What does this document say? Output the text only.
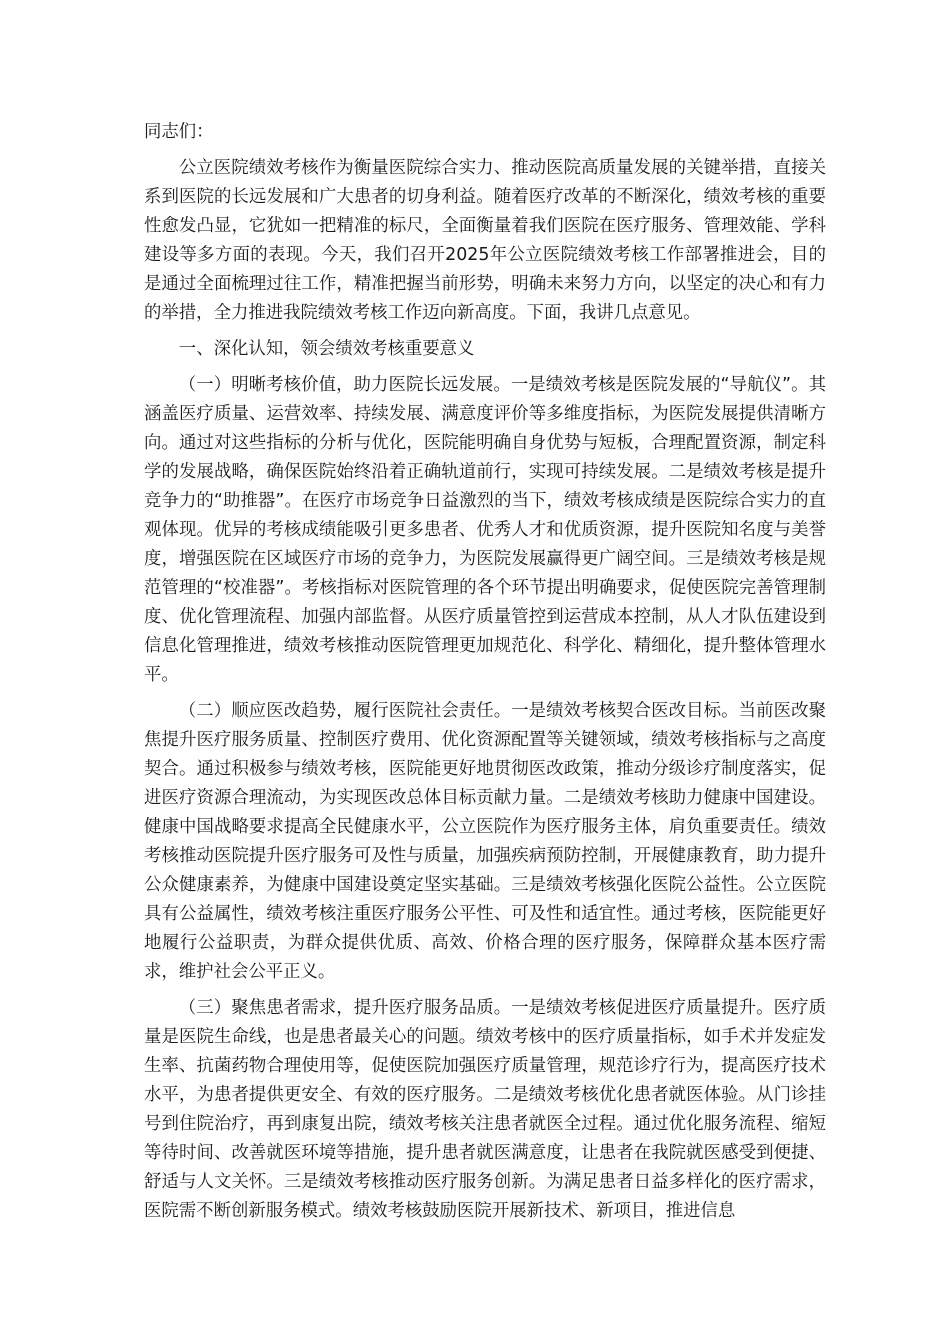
同志们：

公立医院绩效考核作为衡量医院综合实力、推动医院高质量发展的关键举措，直接关系到医院的长远发展和广大患者的切身利益。随着医疗改革的不断深化，绩效考核的重要性愈发凸显，它犹如一把精准的标尺，全面衡量着我们医院在医疗服务、管理效能、学科建设等多方面的表现。今天，我们召开2025年公立医院绩效考核工作部署推进会，目的是通过全面梳理过往工作，精准把握当前形势，明确未来努力方向，以坚定的决心和有力的举措，全力推进我院绩效考核工作迈向新高度。下面，我讲几点意见。

一、深化认知，领会绩效考核重要意义

（一）明晰考核价值，助力医院长远发展。一是绩效考核是医院发展的“导航仪”。其涵盖医疗质量、运营效率、持续发展、满意度评价等多维度指标，为医院发展提供清晰方向。通过对这些指标的分析与优化，医院能明确自身优势与短板，合理配置资源，制定科学的发展战略，确保医院始终沿着正确轨道前行，实现可持续发展。二是绩效考核是提升竞争力的“助推器”。在医疗市场竞争日益激烈的当下，绩效考核成绩是医院综合实力的直观体现。优异的考核成绩能吸引更多患者、优秀人才和优质资源，提升医院知名度与美誉度，增强医院在区域医疗市场的竞争力，为医院发展赢得更广阔空间。三是绩效考核是规范管理的“校准器”。考核指标对医院管理的各个环节提出明确要求，促使医院完善管理制度、优化管理流程、加强内部监督。从医疗质量管控到运营成本控制，从人才队伍建设到信息化管理推进，绩效考核推动医院管理更加规范化、科学化、精细化，提升整体管理水平。

（二）顺应医改趋势，履行医院社会责任。一是绩效考核契合医改目标。当前医改聚焦提升医疗服务质量、控制医疗费用、优化资源配置等关键领域，绩效考核指标与之高度契合。通过积极参与绩效考核，医院能更好地贯彻医改政策，推动分级诊疗制度落实，促进医疗资源合理流动，为实现医改总体目标贡献力量。二是绩效考核助力健康中国建设。健康中国战略要求提高全民健康水平，公立医院作为医疗服务主体，肩负重要责任。绩效考核推动医院提升医疗服务可及性与质量，加强疾病预防控制，开展健康教育，助力提升公众健康素养，为健康中国建设奠定坚实基础。三是绩效考核强化医院公益性。公立医院具有公益属性，绩效考核注重医疗服务公平性、可及性和适宜性。通过考核，医院能更好地履行公益职责，为群众提供优质、高效、价格合理的医疗服务，保障群众基本医疗需求，维护社会公平正义。

（三）聚焦患者需求，提升医疗服务品质。一是绩效考核促进医疗质量提升。医疗质量是医院生命线，也是患者最关心的问题。绩效考核中的医疗质量指标，如手术并发症发生率、抗菌药物合理使用等，促使医院加强医疗质量管理，规范诊疗行为，提高医疗技术水平，为患者提供更安全、有效的医疗服务。二是绩效考核优化患者就医体验。从门诊挂号到住院治疗，再到康复出院，绩效考核关注患者就医全过程。通过优化服务流程、缩短等待时间、改善就医环境等措施，提升患者就医满意度，让患者在我院就医感受到便捷、舒适与人文关怀。三是绩效考核推动医疗服务创新。为满足患者日益多样化的医疗需求，医院需不断创新服务模式。绩效考核鼓励医院开展新技术、新项目，推进信息
